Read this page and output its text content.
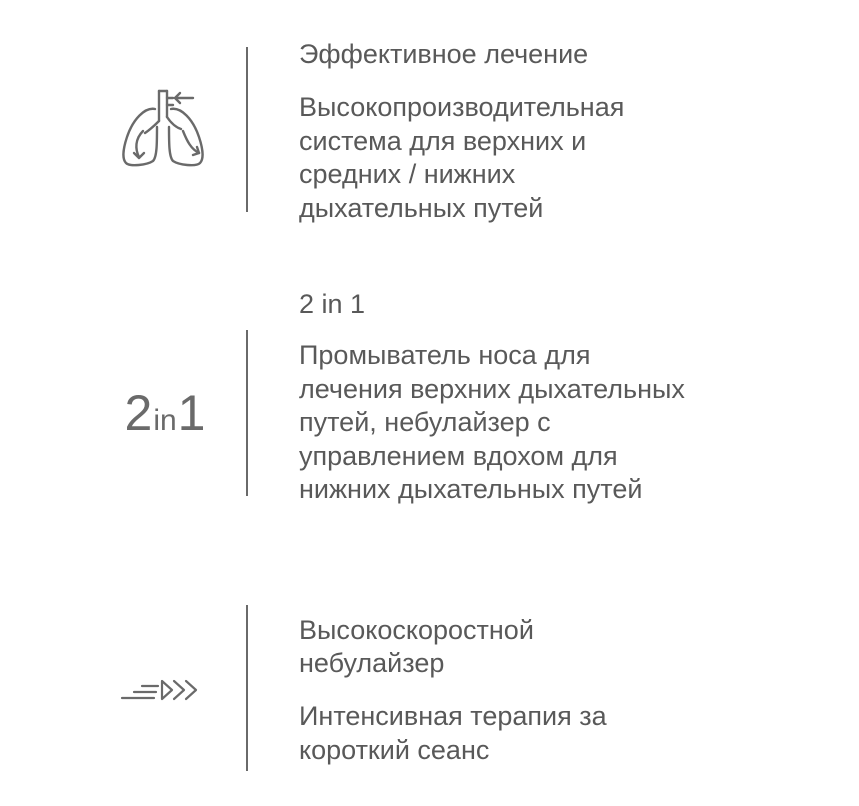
Эффективное лечение

Высокопроизводительная система для верхних и средних / нижних дыхательных путей

2in1
2 in 1

Промыватель носа для лечения верхних дыхательных путей, небулайзер с управлением вдохом для нижних дыхательных путей

Высокоскоростной небулайзер

Интенсивная терапия за короткий сеанс
